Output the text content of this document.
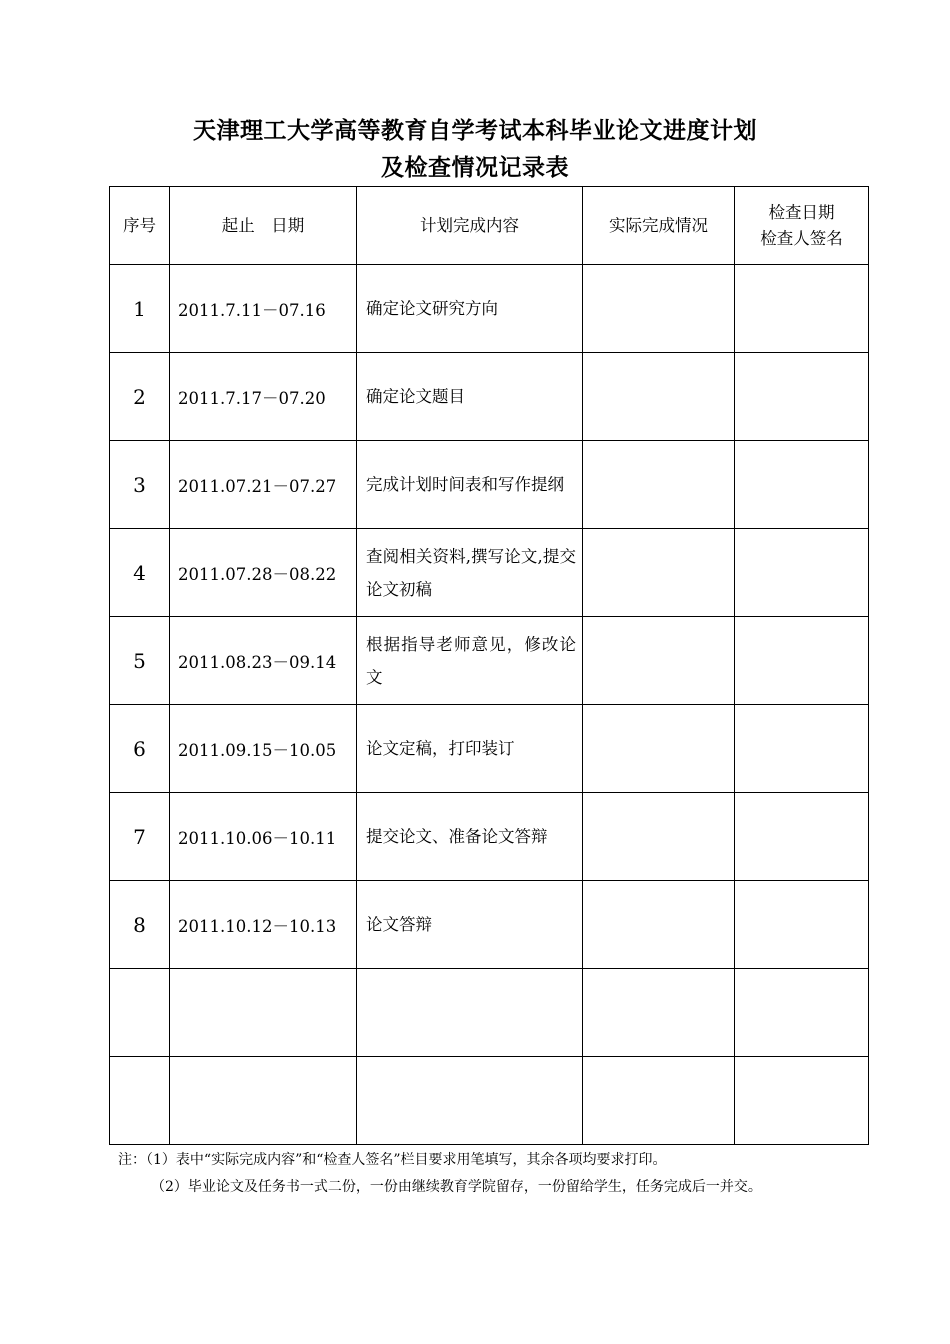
天津理工大学高等教育自学考试本科毕业论文进度计划
及检查情况记录表
序号	起止　日期	计划完成内容	实际完成情况	检查日期
检查人签名

1	2011.7.11－07.16	确定论文研究方向		
2	2011.7.17－07.20	确定论文题目		
3	2011.07.21－07.27	完成计划时间表和写作提纲		
4	2011.07.28－08.22	查阅相关资料,撰写论文,提交论文初稿		
5	2011.08.23－09.14	根据指导老师意见，修改论文		
6	2011.09.15－10.05	论文定稿，打印装订		
7	2011.10.06－10.11	提交论文、准备论文答辩		
8	2011.10.12－10.13	论文答辩		

注：（1）表中“实际完成内容”和“检查人签名”栏目要求用笔填写，其余各项均要求打印。
（2）毕业论文及任务书一式二份，一份由继续教育学院留存，一份留给学生，任务完成后一并交。
